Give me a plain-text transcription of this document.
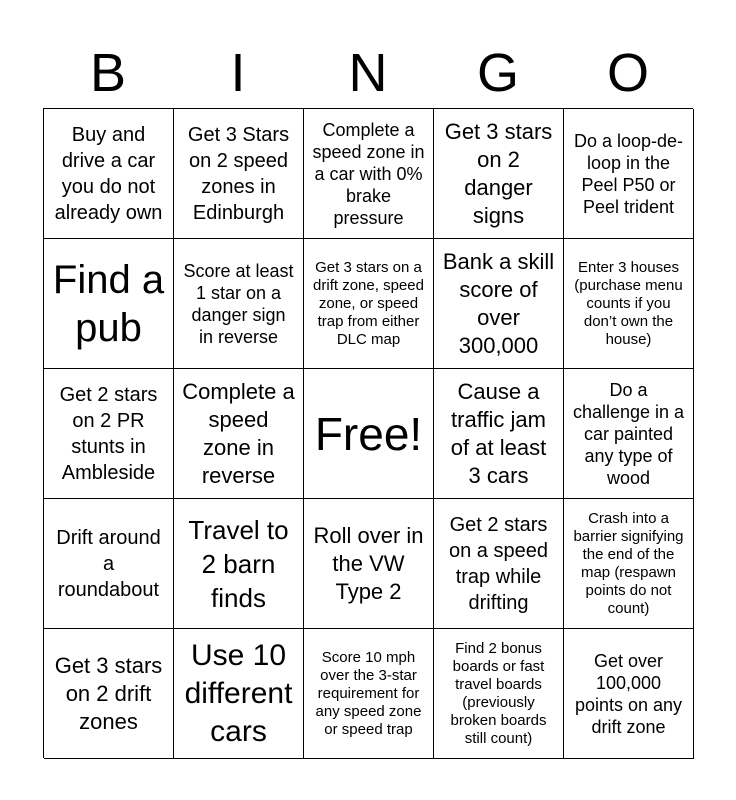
B	I	N	G	O
Buy and drive a car you do not already own
Get 3 Stars on 2 speed zones in Edinburgh
Complete a speed zone in a car with 0% brake pressure
Get 3 stars on 2 danger signs
Do a loop-de-loop in the Peel P50 or Peel trident
Find a pub
Score at least 1 star on a danger sign in reverse
Get 3 stars on a drift zone, speed zone, or speed trap from either DLC map
Bank a skill score of over 300,000
Enter 3 houses (purchase menu counts if you don’t own the house)
Get 2 stars on 2 PR stunts in Ambleside
Complete a speed zone in reverse
Free!
Cause a traffic jam of at least 3 cars
Do a challenge in a car painted any type of wood
Drift around a roundabout
Travel to 2 barn finds
Roll over in the VW Type 2
Get 2 stars on a speed trap while drifting
Crash into a barrier signifying the end of the map (respawn points do not count)
Get 3 stars on 2 drift zones
Use 10 different cars
Score 10 mph over the 3-star requirement for any speed zone or speed trap
Find 2 bonus boards or fast travel boards (previously broken boards still count)
Get over 100,000 points on any drift zone
